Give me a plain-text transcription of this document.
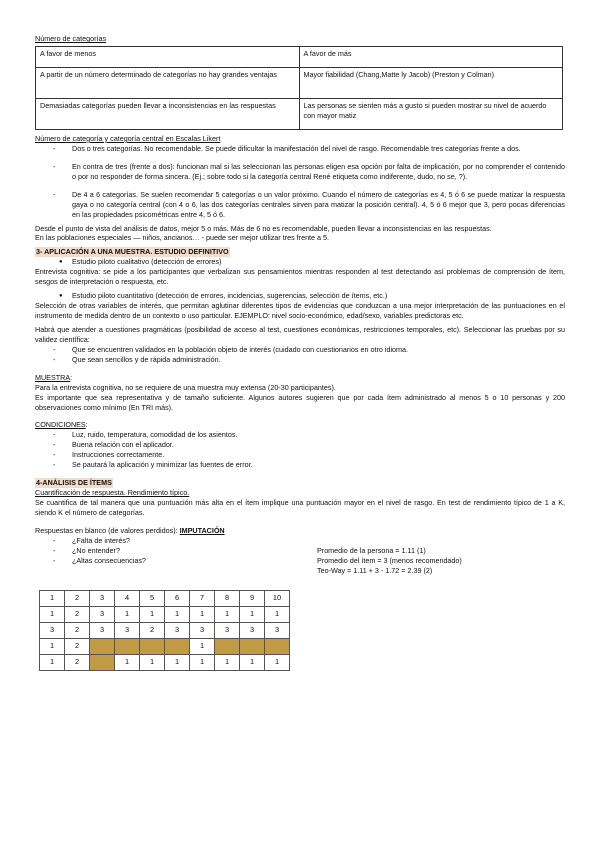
Número de categorías
A favor de menos	A favor de más
A partir de un número determinado de categorías no hay grandes ventajas	Mayor fiabilidad (Chang,Matte ly Jacob) (Preston y Colman)
Demasiadas categorías pueden llevar a inconsistencias en las respuestas	Las personas se sienten más a gusto si pueden mostrar su nivel de acuerdo con mayor matiz
Número de categoría y categoría central en Escalas Likert
- Dos o tres categorías. No recomendable. Se puede dificultar la manifestación del nivel de rasgo. Recomendable tres categorías frente a dos.
- En contra de tres (frente a dos): funcionan mal si las seleccionan las personas eligen esa opción por falta de implicación, por no comprender el contenido o por no responder de forma sincera. (Ej.; sobre todo si la categoría central René etiqueta como indiferente, dudo, no se, ?).
- De 4 a 6 categorías. Se suelen recomendar 5 categorías o un valor próximo. Cuando el número de categorías es 4, 5 ó 6 se puede matizar la respuesta gaya o no categoría central (con 4 o 6, las dos categorías centrales sirven para matizar la posición central). 4, 5 ó 6 mejor que 3, pero pocas diferencias en las propiedades psicométricas entre 4, 5 ó 6.
Desde el punto de vista del análisis de datos, mejor 5 o más. Más de 6 no es recomendable, pueden llevar a inconsistencias en las respuestas.
En las poblaciones especiales — niños, ancianos… - puede ser mejor utilizar tres frente a 5.
3- APLICACIÓN A UNA MUESTRA. ESTUDIO DEFINITIVO
● Estudio piloto cualitativo (detección de errores)
Entrevista cognitiva: se pide a los participantes que verbalizan sus pensamientos mientras responden al test detectando así problemas de comprensión de ítem, sesgos de interpretación o respuesta, etc.
● Estudio piloto cuantitativo (detección de errores, incidencias, sugerencias, selección de ítems, etc.)
Selección de otras variables de interés, que permitan aglutinar diferentes tipos de evidencias que conduzcan a una mejor interpretación de las puntuaciones en el instrumento de medida dentro de un contexto o uso particular. EJEMPLO: nivel socio-económico, edad/sexo, variables predictoras etc.
Habrá que atender a cuestiones pragmáticas (posibilidad de acceso al test, cuestiones económicas, restricciones temporales, etc). Seleccionar las pruebas por su validez científica:
- Que se encuentren validados en la población objeto de interés (cuidado con cuestionarios en otro idioma.
- Que sean sencillos y de rápida administración.
MUESTRA:
Para la entrevista cognitiva, no se requiere de una muestra muy extensa (20-30 participantes).
Es importante que sea representativa y de tamaño suficiente. Algunos autores sugieren que por cada ítem administrado al menos 5 o 10 personas y 200 observaciones como mínimo (En TRI más).
CONDICIONES:
- Luz, ruido, temperatura, comodidad de los asientos.
- Buena relación con el aplicador.
- Instrucciones correctamente.
- Se pautará la aplicación y minimizar las fuentes de error.
4-ANÁLISIS DE ÍTEMS
Cuantificación de respuesta. Rendimiento típico.
Se cuantifica de tal manera que una puntuación más alta en el ítem implique una puntuación mayor en el nivel de rasgo. En test de rendimiento típico de 1 a K, siendo K el número de categorías.
Respuestas en blanco (de valores perdidos): IMPUTACIÓN
- ¿Falta de interés?
- ¿No entender?
- ¿Altas consecuencias?
Promedio de la persona = 1.11 (1)
Promedio del ítem = 3 (menos recomendado)
Teo-Way = 1.11 + 3 - 1.72 = 2.39 (2)
1	2	3	4	5	6	7	8	9	10
1	2	3	1	1	1	1	1	1	1
3	2	3	3	2	3	3	3	3	3
1	2					1			
1	2		1	1	1	1	1	1	1
